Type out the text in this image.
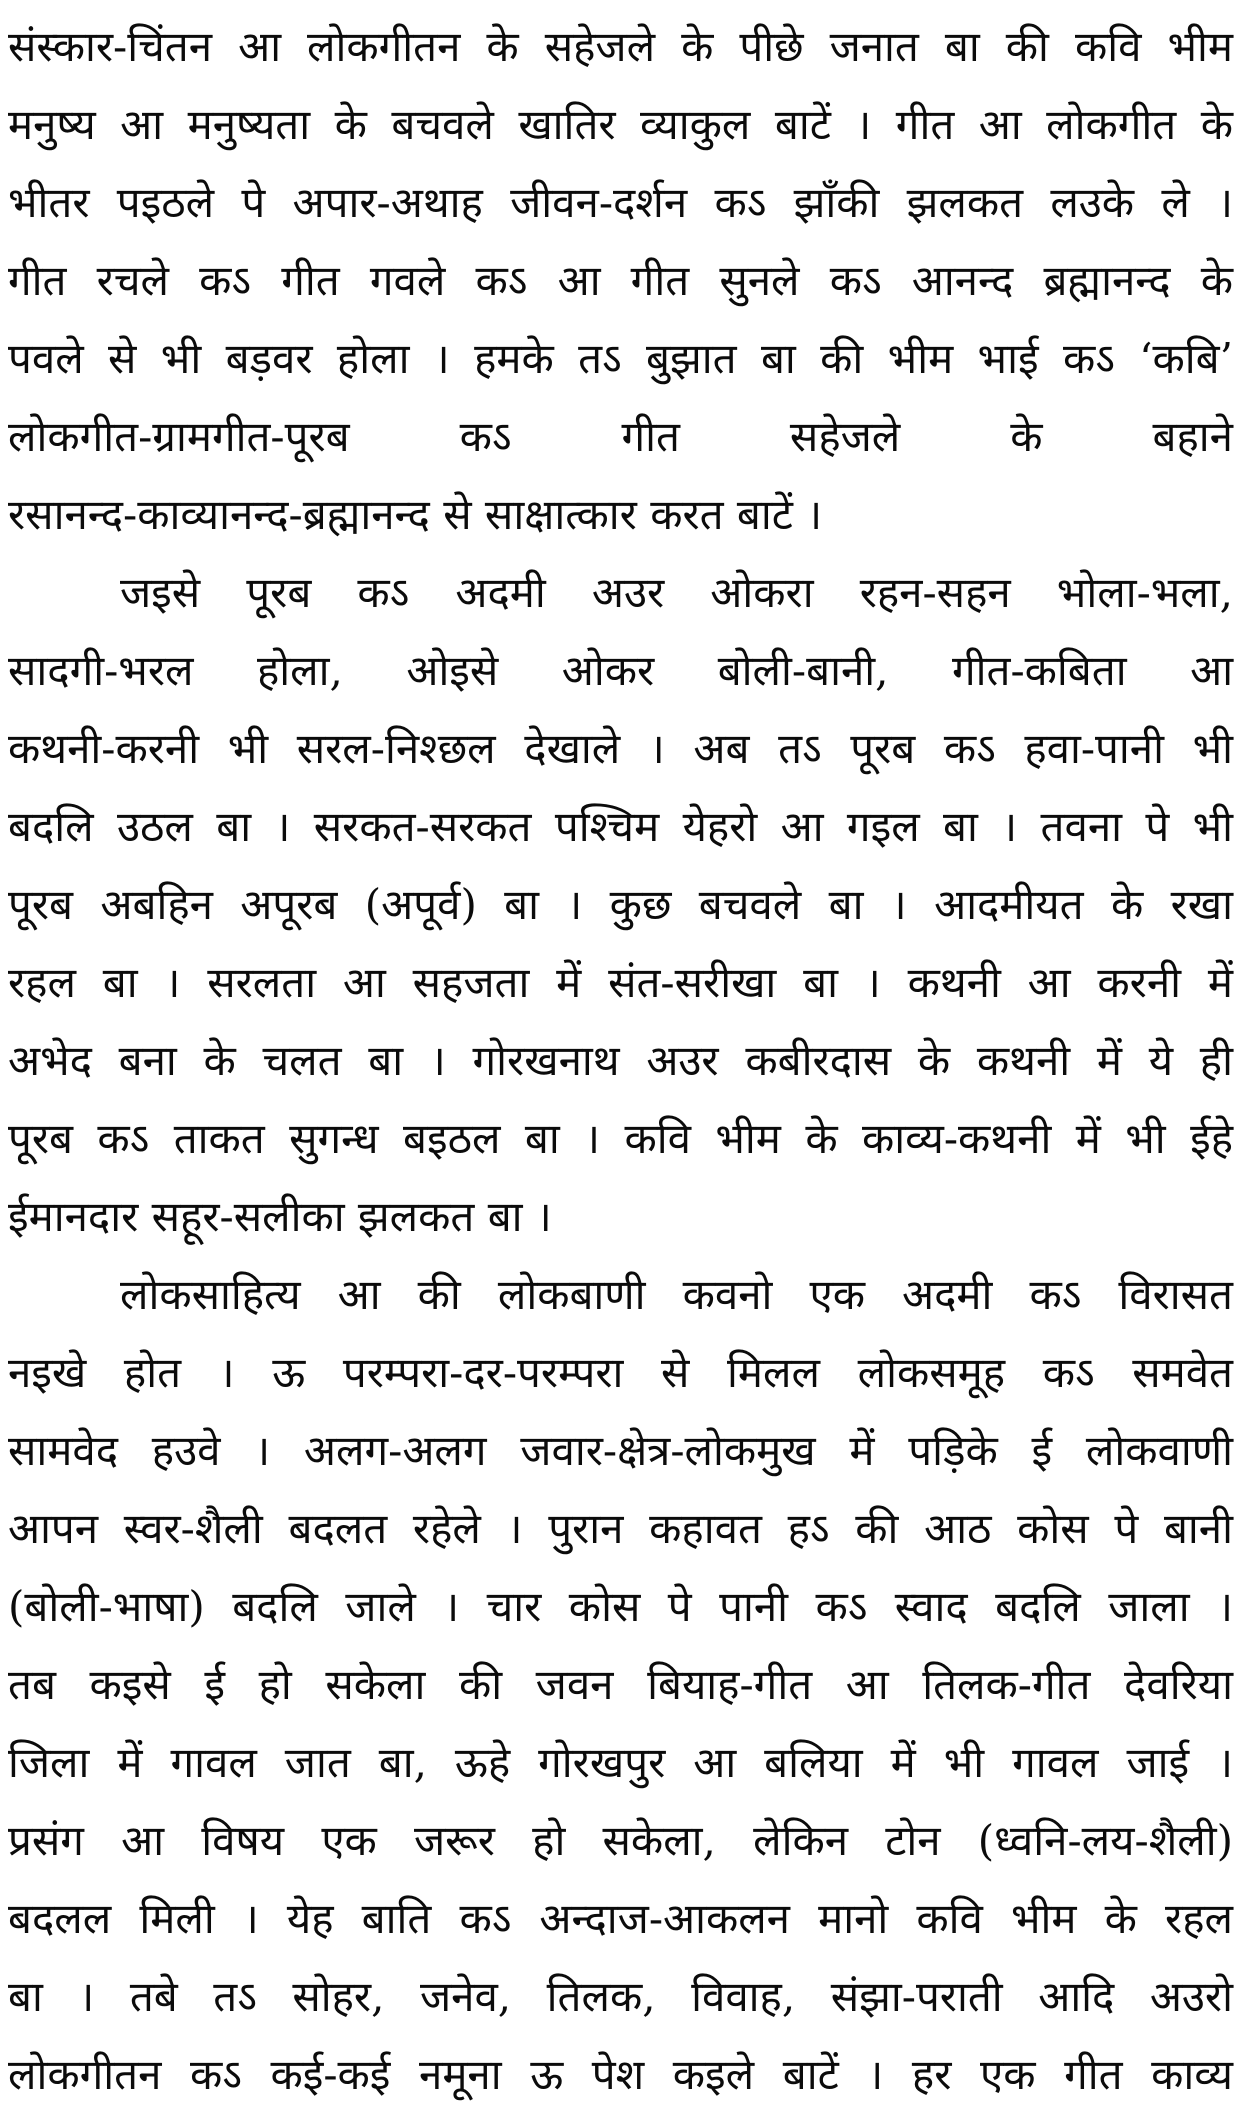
संस्कार-चिंतन आ लोकगीतन के सहेजले के पीछे जनात बा की कवि भीम
मनुष्य आ मनुष्यता के बचवले खातिर व्याकुल बाटें । गीत आ लोकगीत के
भीतर पइठले पे अपार-अथाह जीवन-दर्शन कऽ झाँकी झलकत लउके ले ।
गीत रचले कऽ गीत गवले कऽ आ गीत सुनले कऽ आनन्द ब्रह्मानन्द के
पवले से भी बड़वर होला । हमके तऽ बुझात बा की भीम भाई कऽ ‘कबि’
लोकगीत-ग्रामगीत-पूरब कऽ गीत सहेजले के बहाने
रसानन्द-काव्यानन्द-ब्रह्मानन्द से साक्षात्कार करत बाटें ।
जइसे पूरब कऽ अदमी अउर ओकरा रहन-सहन भोला-भला,
सादगी-भरल होला, ओइसे ओकर बोली-बानी, गीत-कबिता आ
कथनी-करनी भी सरल-निश्छल देखाले । अब तऽ पूरब कऽ हवा-पानी भी
बदलि उठल बा । सरकत-सरकत पश्चिम येहरो आ गइल बा । तवना पे भी
पूरब अबहिन अपूरब (अपूर्व) बा । कुछ बचवले बा । आदमीयत के रखा
रहल बा । सरलता आ सहजता में संत-सरीखा बा । कथनी आ करनी में
अभेद बना के चलत बा । गोरखनाथ अउर कबीरदास के कथनी में ये ही
पूरब कऽ ताकत सुगन्ध बइठल बा । कवि भीम के काव्य-कथनी में भी ईहे
ईमानदार सहूर-सलीका झलकत बा ।
लोकसाहित्य आ की लोकबाणी कवनो एक अदमी कऽ विरासत
नइखे होत । ऊ परम्परा-दर-परम्परा से मिलल लोकसमूह कऽ समवेत
सामवेद हउवे । अलग-अलग जवार-क्षेत्र-लोकमुख में पड़िके ई लोकवाणी
आपन स्वर-शैली बदलत रहेले । पुरान कहावत हऽ की आठ कोस पे बानी
(बोली-भाषा) बदलि जाले । चार कोस पे पानी कऽ स्वाद बदलि जाला ।
तब कइसे ई हो सकेला की जवन बियाह-गीत आ तिलक-गीत देवरिया
जिला में गावल जात बा, ऊहे गोरखपुर आ बलिया में भी गावल जाई ।
प्रसंग आ विषय एक जरूर हो सकेला, लेकिन टोन (ध्वनि-लय-शैली)
बदलल मिली । येह बाति कऽ अन्दाज-आकलन मानो कवि भीम के रहल
बा । तबे तऽ सोहर, जनेव, तिलक, विवाह, संझा-पराती आदि अउरो
लोकगीतन कऽ कई-कई नमूना ऊ पेश कइले बाटें । हर एक गीत काव्य
